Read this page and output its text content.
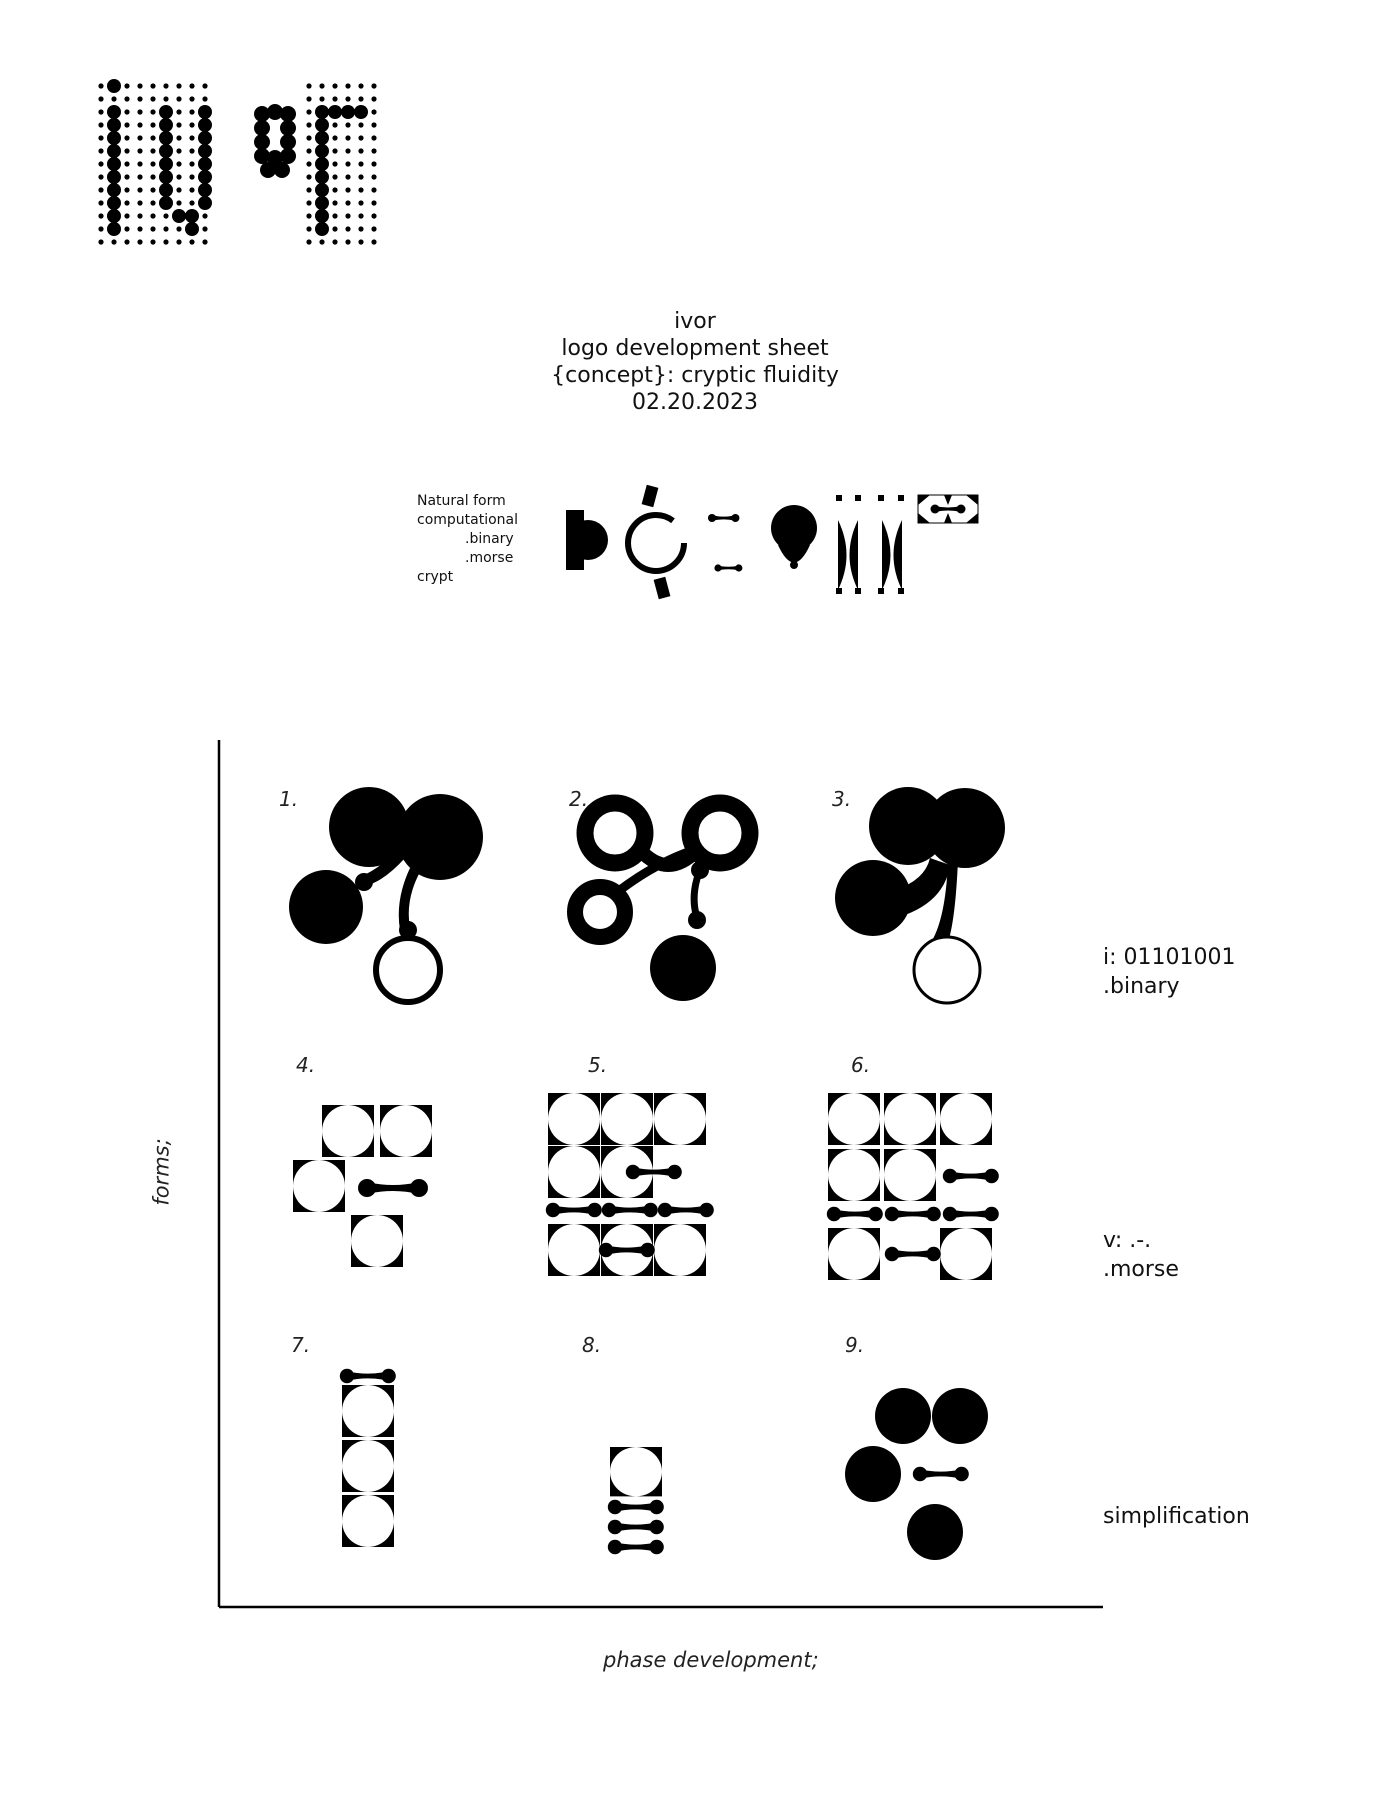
ivor
logo development sheet
{concept}: cryptic fluidity
02.20.2023
Natural form
computational
.binary
.morse
crypt
1.	2.	3.
4.	5.	6.
7.	8.	9.
i: 01101001
.binary
v: .-.
.morse
simplification
forms;
phase development;
